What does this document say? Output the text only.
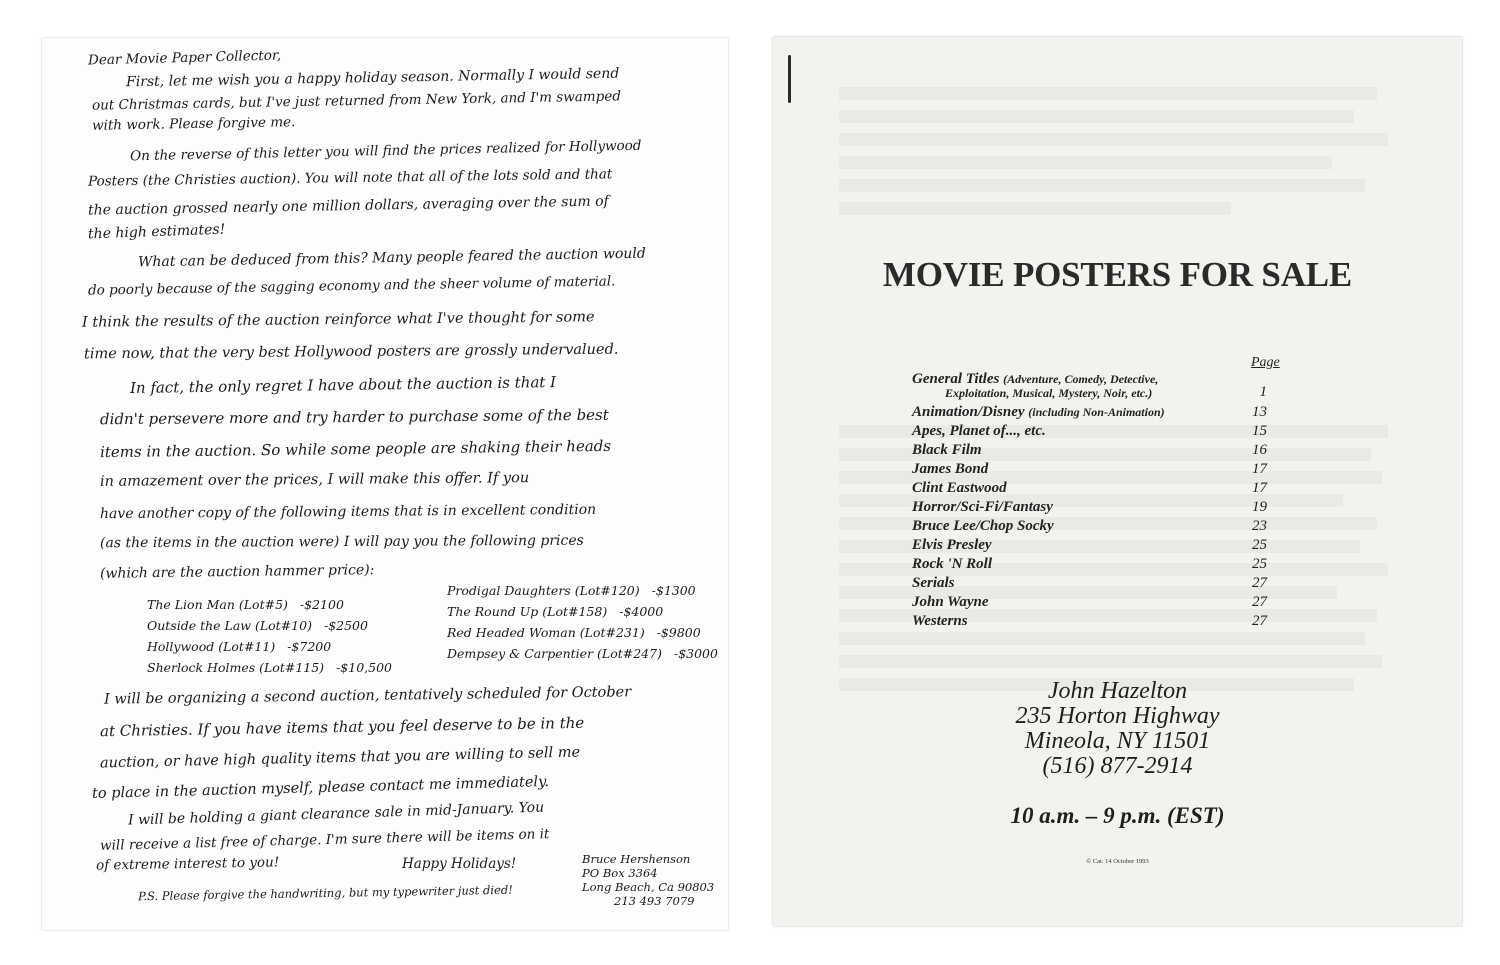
Dear Movie Paper Collector,
First, let me wish you a happy holiday season. Normally I would send
out Christmas cards, but I've just returned from New York, and I'm swamped
with work. Please forgive me.
On the reverse of this letter you will find the prices realized for Hollywood
Posters (the Christies auction). You will note that all of the lots sold and that
the auction grossed nearly one million dollars, averaging over the sum of
the high estimates!
What can be deduced from this? Many people feared the auction would
do poorly because of the sagging economy and the sheer volume of material.
I think the results of the auction reinforce what I've thought for some
time now, that the very best Hollywood posters are grossly undervalued.
In fact, the only regret I have about the auction is that I
didn't persevere more and try harder to purchase some of the best
items in the auction. So while some people are shaking their heads
in amazement over the prices, I will make this offer. If you
have another copy of the following items that is in excellent condition
(as the items in the auction were) I will pay you the following prices
(which are the auction hammer price):
The Lion Man (Lot#5) -$2100
Outside the Law (Lot#10) -$2500
Hollywood (Lot#11) -$7200
Sherlock Holmes (Lot#115) -$10,500
Prodigal Daughters (Lot#120) -$1300
The Round Up (Lot#158) -$4000
Red Headed Woman (Lot#231) -$9800
Dempsey & Carpentier (Lot#247) -$3000
I will be organizing a second auction, tentatively scheduled for October
at Christies. If you have items that you feel deserve to be in the
auction, or have high quality items that you are willing to sell me
to place in the auction myself, please contact me immediately.
I will be holding a giant clearance sale in mid-January. You
will receive a list free of charge. I'm sure there will be items on it
of extreme interest to you!	Happy Holidays!
P.S. Please forgive the handwriting, but my typewriter just died!
Bruce Hershenson
PO Box 3364
Long Beach, Ca 90803
213 493 7079
MOVIE POSTERS FOR SALE
Page
General Titles (Adventure, Comedy, Detective,
Exploitation, Musical, Mystery, Noir, etc.)	1
Animation/Disney (including Non-Animation)	13
Apes, Planet of..., etc.	15
Black Film	16
James Bond	17
Clint Eastwood	17
Horror/Sci-Fi/Fantasy	19
Bruce Lee/Chop Socky	23
Elvis Presley	25
Rock 'N Roll	25
Serials	27
John Wayne	27
Westerns	27
John Hazelton
235 Horton Highway
Mineola, NY 11501
(516) 877-2914
10 a.m. – 9 p.m. (EST)
© Cat. 14 October 1993
